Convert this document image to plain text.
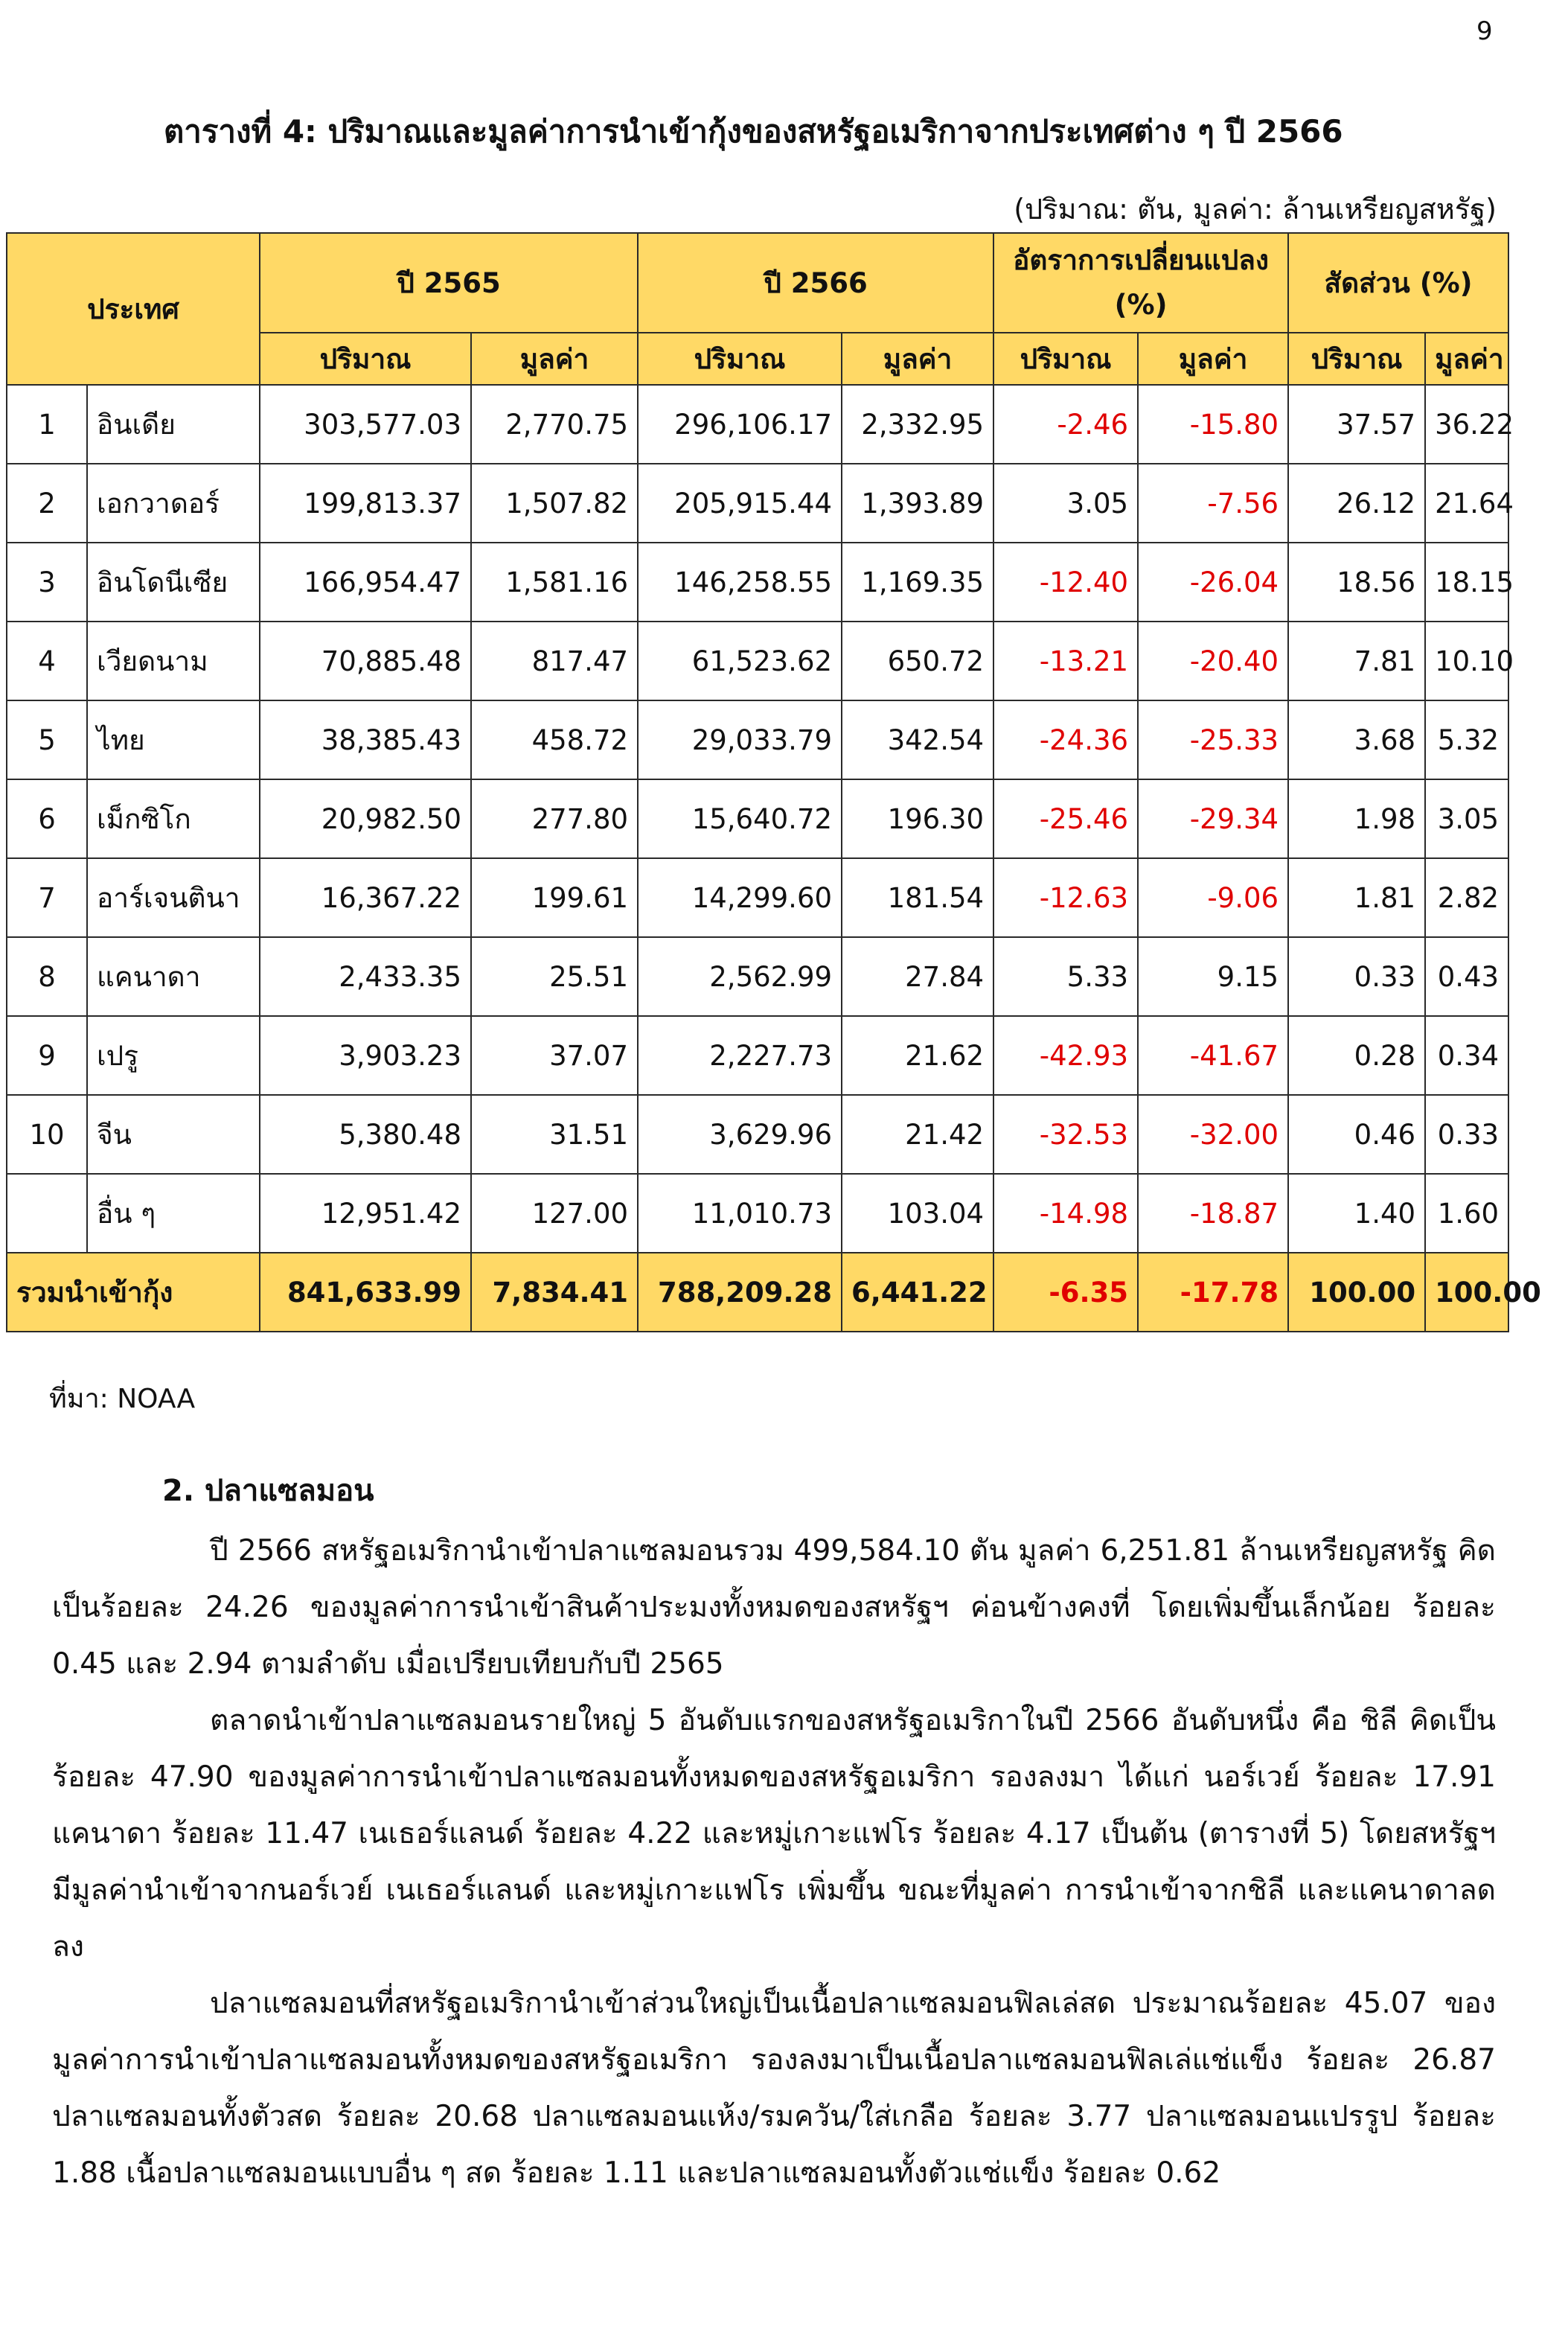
9
ตารางที่ 4: ปริมาณและมูลค่าการนำเข้ากุ้งของสหรัฐอเมริกาจากประเทศต่าง ๆ ปี 2566
(ปริมาณ: ตัน, มูลค่า: ล้านเหรียญสหรัฐ)
ประเทศ		ปี 2565		ปี 2566		อัตราการเปลี่ยนแปลง (%)		สัดส่วน (%)	
		ปริมาณ	มูลค่า	ปริมาณ	มูลค่า	ปริมาณ	มูลค่า	ปริมาณ	มูลค่า
1	อินเดีย	303,577.03	2,770.75	296,106.17	2,332.95	-2.46	-15.80	37.57	36.22
2	เอกวาดอร์	199,813.37	1,507.82	205,915.44	1,393.89	3.05	-7.56	26.12	21.64
3	อินโดนีเซีย	166,954.47	1,581.16	146,258.55	1,169.35	-12.40	-26.04	18.56	18.15
4	เวียดนาม	70,885.48	817.47	61,523.62	650.72	-13.21	-20.40	7.81	10.10
5	ไทย	38,385.43	458.72	29,033.79	342.54	-24.36	-25.33	3.68	5.32
6	เม็กซิโก	20,982.50	277.80	15,640.72	196.30	-25.46	-29.34	1.98	3.05
7	อาร์เจนตินา	16,367.22	199.61	14,299.60	181.54	-12.63	-9.06	1.81	2.82
8	แคนาดา	2,433.35	25.51	2,562.99	27.84	5.33	9.15	0.33	0.43
9	เปรู	3,903.23	37.07	2,227.73	21.62	-42.93	-41.67	0.28	0.34
10	จีน	5,380.48	31.51	3,629.96	21.42	-32.53	-32.00	0.46	0.33
	อื่น ๆ	12,951.42	127.00	11,010.73	103.04	-14.98	-18.87	1.40	1.60
รวมนำเข้ากุ้ง		841,633.99	7,834.41	788,209.28	6,441.22	-6.35	-17.78	100.00	100.00
ที่มา: NOAA
2. ปลาแซลมอน

ปี 2566 สหรัฐอเมริกานำเข้าปลาแซลมอนรวม 499,584.10 ตัน มูลค่า 6,251.81 ล้านเหรียญสหรัฐ คิดเป็นร้อยละ 24.26 ของมูลค่าการนำเข้าสินค้าประมงทั้งหมดของสหรัฐฯ ค่อนข้างคงที่ โดยเพิ่มขึ้นเล็กน้อย ร้อยละ 0.45 และ 2.94 ตามลำดับ เมื่อเปรียบเทียบกับปี 2565

ตลาดนำเข้าปลาแซลมอนรายใหญ่ 5 อันดับแรกของสหรัฐอเมริกาในปี 2566 อันดับหนึ่ง คือ ชิลี คิดเป็นร้อยละ 47.90 ของมูลค่าการนำเข้าปลาแซลมอนทั้งหมดของสหรัฐอเมริกา รองลงมา ได้แก่ นอร์เวย์ ร้อยละ 17.91 แคนาดา ร้อยละ 11.47 เนเธอร์แลนด์ ร้อยละ 4.22 และหมู่เกาะแฟโร ร้อยละ 4.17 เป็นต้น (ตารางที่ 5) โดยสหรัฐฯ มีมูลค่านำเข้าจากนอร์เวย์ เนเธอร์แลนด์ และหมู่เกาะแฟโร เพิ่มขึ้น ขณะที่มูลค่า การนำเข้าจากชิลี และแคนาดาลดลง

ปลาแซลมอนที่สหรัฐอเมริกานำเข้าส่วนใหญ่เป็นเนื้อปลาแซลมอนฟิลเล่สด ประมาณร้อยละ 45.07 ของมูลค่าการนำเข้าปลาแซลมอนทั้งหมดของสหรัฐอเมริกา รองลงมาเป็นเนื้อปลาแซลมอนฟิลเล่แช่แข็ง ร้อยละ 26.87 ปลาแซลมอนทั้งตัวสด ร้อยละ 20.68 ปลาแซลมอนแห้ง/รมควัน/ใส่เกลือ ร้อยละ 3.77 ปลาแซลมอนแปรรูป ร้อยละ 1.88 เนื้อปลาแซลมอนแบบอื่น ๆ สด ร้อยละ 1.11 และปลาแซลมอนทั้งตัวแช่แข็ง ร้อยละ 0.62
